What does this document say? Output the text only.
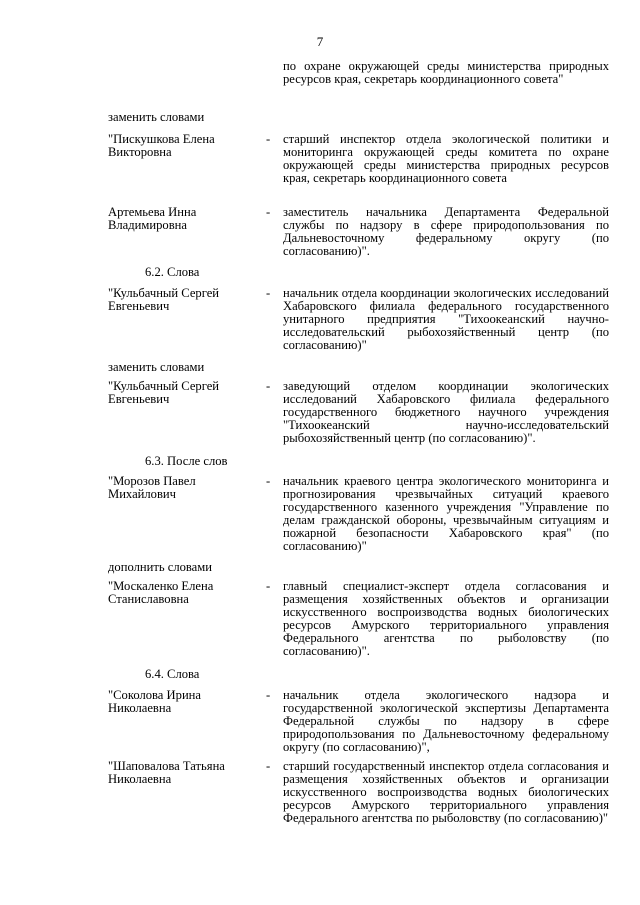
7
по охране окружающей среды министерства природных ресурсов края, секретарь координационного совета"
заменить словами
"Пискушкова Елена Викторовна
-	старший инспектор отдела экологической политики и мониторинга окружающей среды комитета по охране окружающей среды министерства природных ресурсов края, секретарь координационного совета
Артемьева Инна Владимировна
-	заместитель начальника Департамента Федеральной службы по надзору в сфере природопользования по Дальневосточному федеральному округу (по согласованию)".
6.2. Слова
"Кульбачный Сергей Евгеньевич
-	начальник отдела координации экологических исследований Хабаровского филиала федерального государственного унитарного предприятия "Тихоокеанский научно-исследовательский рыбохозяйственный центр (по согласованию)"
заменить словами
"Кульбачный Сергей Евгеньевич
-	заведующий отделом координации экологических исследований Хабаровского филиала федерального государственного бюджетного научного учреждения "Тихоокеанский научно-исследовательский рыбохозяйственный центр (по согласованию)".
6.3. После слов
"Морозов Павел Михайлович
-	начальник краевого центра экологического мониторинга и прогнозирования чрезвычайных ситуаций краевого государственного казенного учреждения "Управление по делам гражданской обороны, чрезвычайным ситуациям и пожарной безопасности Хабаровского края" (по согласованию)"
дополнить словами
"Москаленко Елена Станиславовна
-	главный специалист-эксперт отдела согласования и размещения хозяйственных объектов и организации искусственного воспроизводства водных биологических ресурсов Амурского территориального управления Федерального агентства по рыболовству (по согласованию)".
6.4. Слова
"Соколова Ирина Николаевна
-	начальник отдела экологического надзора и государственной экологической экспертизы Департамента Федеральной службы по надзору в сфере природопользования по Дальневосточному федеральному округу (по согласованию)",
"Шаповалова Татьяна Николаевна
-	старший государственный инспектор отдела согласования и размещения хозяйственных объектов и организации искусственного воспроизводства водных биологических ресурсов Амурского территориального управления Федерального агентства по рыболовству (по согласованию)"
